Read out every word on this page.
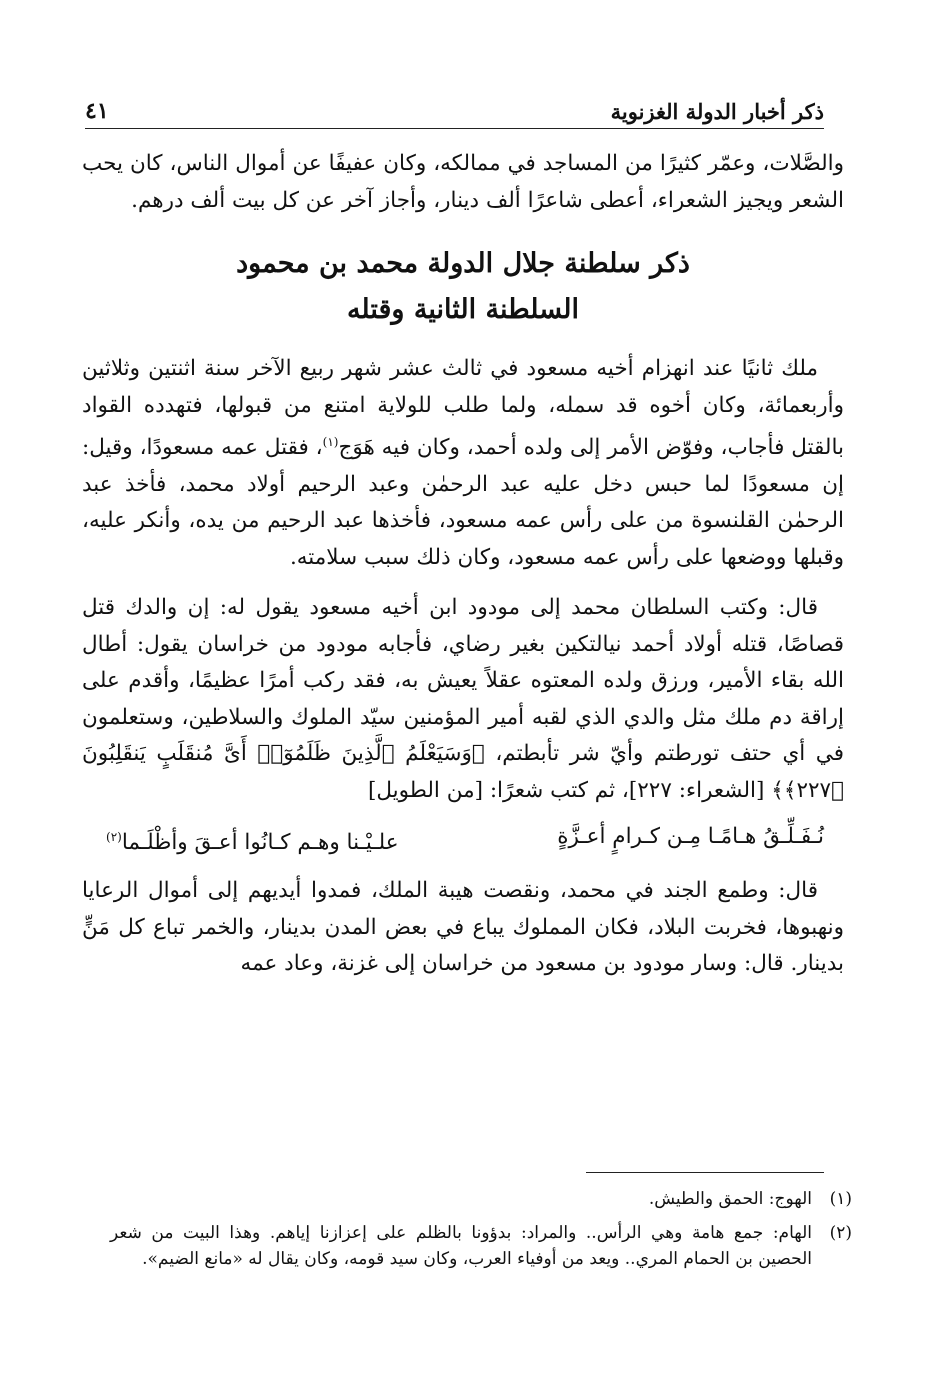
ذكر أخبار الدولة الغزنوية
٤١

والصَّلات، وعمّر كثيرًا من المساجد في ممالكه، وكان عفيفًا عن أموال الناس، كان يحب الشعر ويجيز الشعراء، أعطى شاعرًا ألف دينار، وأجاز آخر عن كل بيت ألف درهم.

ذكر سلطنة جلال الدولة محمد بن محمود
السلطنة الثانية وقتله

ملك ثانيًا عند انهزام أخيه مسعود في ثالث عشر شهر ربيع الآخر سنة اثنتين وثلاثين وأربعمائة، وكان أخوه قد سمله، ولما طلب للولاية امتنع من قبولها، فتهدده القواد بالقتل فأجاب، وفوّض الأمر إلى ولده أحمد، وكان فيه هَوَج$^{(١)}$، فقتل عمه مسعودًا، وقيل: إن مسعودًا لما حبس دخل عليه عبد الرحمٰن وعبد الرحيم أولاد محمد، فأخذ عبد الرحمٰن القلنسوة من على رأس عمه مسعود، فأخذها عبد الرحيم من يده، وأنكر عليه، وقبلها ووضعها على رأس عمه مسعود، وكان ذلك سبب سلامته.

قال: وكتب السلطان محمد إلى مودود ابن أخيه مسعود يقول له: إن والدك قتل قصاصًا، قتله أولاد أحمد نيالتكين بغير رضاي، فأجابه مودود من خراسان يقول: أطال الله بقاء الأمير، ورزق ولده المعتوه عقلاً يعيش به، فقد ركب أمرًا عظيمًا، وأقدم على إراقة دم ملك مثل والدي الذي لقبه أمير المؤمنين سيّد الملوك والسلاطين، وستعلمون في أي حتف تورطتم وأيّ شر تأبطتم، ﴿وَسَيَعْلَمُ ٱلَّذِينَ ظَلَمُوٓا۟ أَىَّ مُنقَلَبٍ يَنقَلِبُونَ ﴿٢٢٧﴾﴾ [الشعراء: ٢٢٧]، ثم كتب شعرًا: [من الطويل]

نُـفَـلِّـقُ هـامًـا مِـن كـرامٍ أعـزَّةٍ
علـيْـنا وهـم كـانُوا أعـقَ وأظْلَـما$^{(٢)}$

قال: وطمع الجند في محمد، ونقصت هيبة الملك، فمدوا أيديهم إلى أموال الرعايا ونهبوها، فخربت البلاد، فكان المملوك يباع في بعض المدن بدينار، والخمر تباع كل مَنٍّ بدينار. قال: وسار مودود بن مسعود من خراسان إلى غزنة، وعاد عمه

(١)
الهوج: الحمق والطيش.
(٢)
الهام: جمع هامة وهي الرأس.. والمراد: بدؤونا بالظلم على إعزازنا إياهم. وهذا البيت من شعر الحصين بن الحمام المري.. ويعد من أوفياء العرب، وكان سيد قومه، وكان يقال له «مانع الضيم».
